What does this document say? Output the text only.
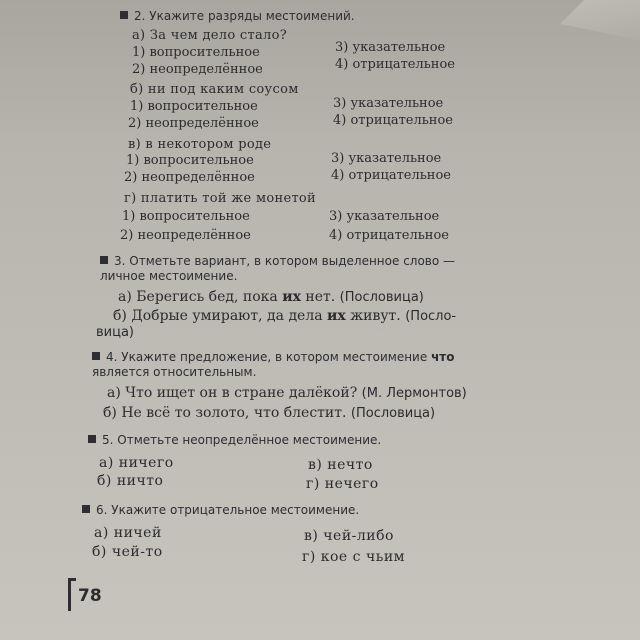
2. Укажите разряды местоимений.
а) За чем дело стало?
1) вопросительное
2) неопределённое
3) указательное
4) отрицательное
б) ни под каким соусом
1) вопросительное
2) неопределённое
3) указательное
4) отрицательное
в) в некотором роде
1) вопросительное
2) неопределённое
3) указательное
4) отрицательное
г) платить той же монетой
1) вопросительное
2) неопределённое
3) указательное
4) отрицательное
3. Отметьте вариант, в котором выделенное слово —
личное местоимение.
а) Берегись бед, пока их нет. (Пословица)
б) Добрые умирают, да дела их живут. (Посло-
вица)
4. Укажите предложение, в котором местоимение что
является относительным.
а) Что ищет он в стране далёкой? (М. Лермонтов)
б) Не всё то золото, что блестит. (Пословица)
5. Отметьте неопределённое местоимение.
а) ничего
б) ничто
в) нечто
г) нечего
6. Укажите отрицательное местоимение.
а) ничей
б) чей-то
в) чей-либо
г) кое с чьим
78
